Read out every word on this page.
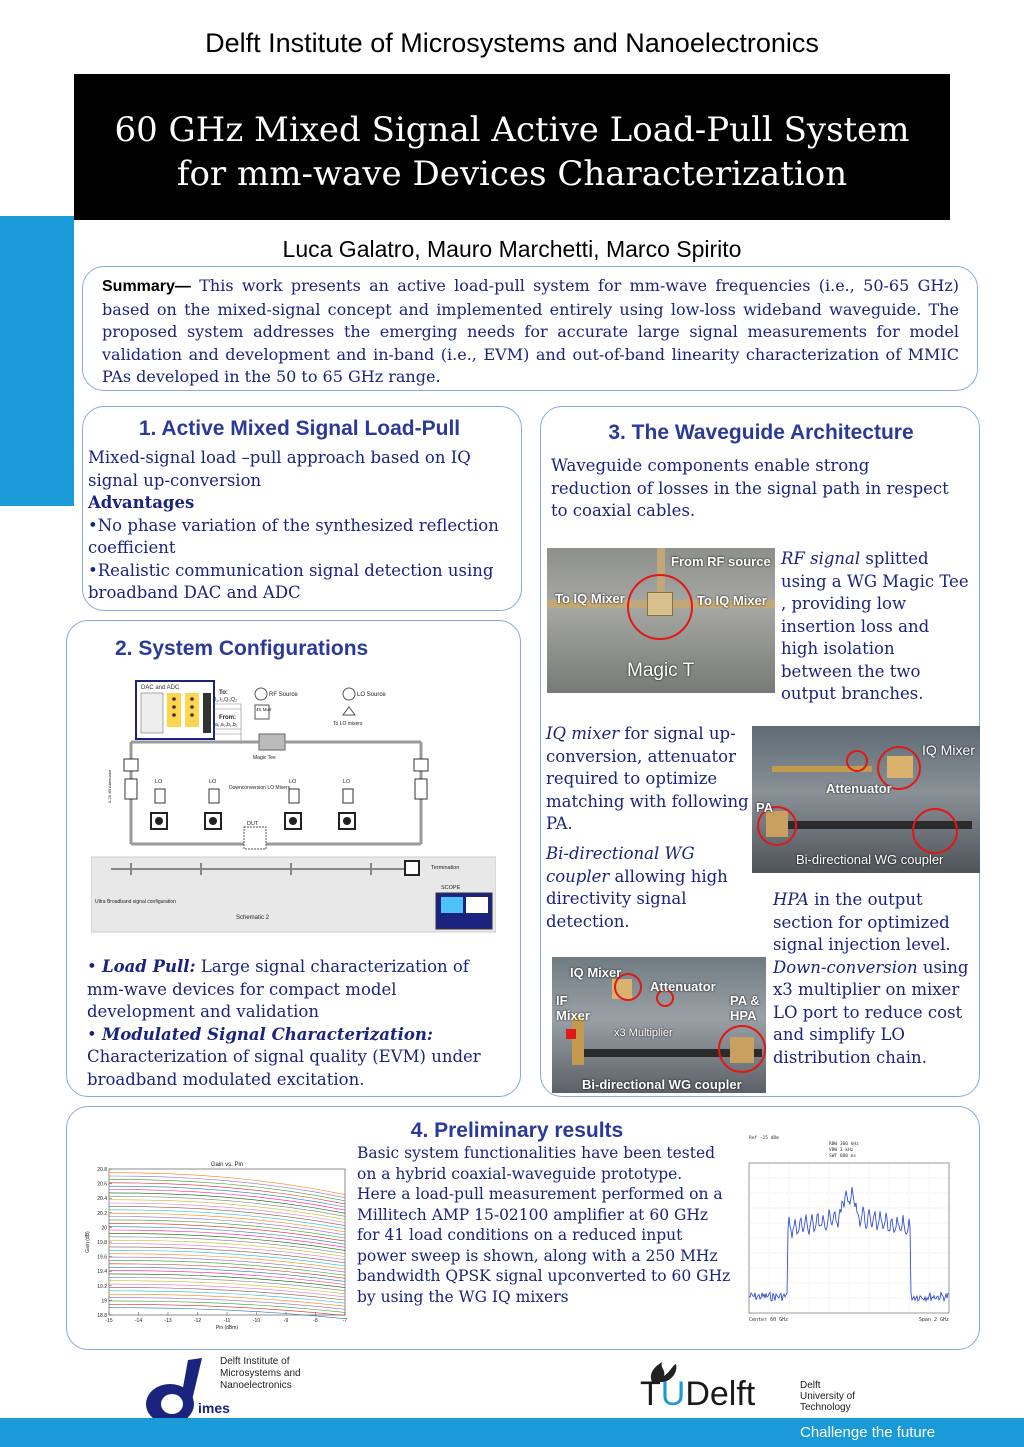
Delft Institute of Microsystems and Nanoelectronics
60 GHz Mixed Signal Active Load-Pull System
for mm-wave Devices Characterization
Luca Galatro, Mauro Marchetti, Marco Spirito
Summary— This work presents an active load-pull system for mm-wave frequencies (i.e., 50-65 GHz) based on the mixed-signal concept and implemented entirely using low-loss wideband waveguide. The proposed system addresses the emerging needs for accurate large signal measurements for model validation and development and in-band (i.e., EVM) and out-of-band linearity characterization of MMIC PAs developed in the 50 to 65 GHz range.
1. Active Mixed Signal Load-Pull
Mixed-signal load –pull approach based on IQ signal up-conversion
Advantages
•No phase variation of the synthesized reflection coefficient
•Realistic communication signal detection using broadband DAC and ADC
2. System Configurations
DAC and ADC
To:
I₁,I₂,Q₁,Q₂
From:
a₁,a₂,b₁,b₂
RF Source
4X Mult
LO Source
To LO mixers
Magic Tee
0-20 dB Attenuator	LO	LO	LO	LO
Downconversion LO Mixers
DUT
Termination
SCOPE
Ultra Broadband signal configuration
Schematic 2
• Load Pull: Large signal characterization of mm-wave devices for compact model development and validation
• Modulated Signal Characterization:
Characterization of signal quality (EVM) under broadband modulated excitation.
3. The Waveguide Architecture
Waveguide components enable strong reduction of losses in the signal path in respect to coaxial cables.
From RF source
To IQ Mixer	To IQ Mixer
Magic T
RF signal splitted using a WG Magic Tee , providing low insertion loss and high isolation between the two output branches.
IQ mixer for signal up-conversion, attenuator required to optimize matching with following PA.
IQ Mixer
Attenuator
PA
Bi-directional WG coupler
Bi-directional WG coupler allowing high directivity signal detection.
HPA in the output section for optimized signal injection level.
Down-conversion using x3 multiplier on mixer LO port to reduce cost and simplify LO distribution chain.
IQ Mixer
Attenuator
IF Mixer
PA & HPA
x3 Multiplier
Bi-directional WG coupler
4. Preliminary results
Gain vs. Pin
18.8
19
19.2
19.4
19.6
19.8
20
20.2
20.4
20.6
20.8
-15	-14	-13	-12	-11	-10	-9	-8	-7
Pin (dBm)
Gain (dB)
Basic system functionalities have been tested on a hybrid coaxial-waveguide prototype.
Here a load-pull measurement performed on a Millitech AMP 15-02100 amplifier at 60 GHz for 41 load conditions on a reduced input power sweep is shown, along with a 250 MHz bandwidth QPSK signal upconverted to 60 GHz by using the WG IQ mixers
Ref -15 dBm
RBW 300 kHz
VBW 3 kHz
SWT 680 ms
Center 60 GHz	Span 2 GHz
imes
Delft Institute of
Microsystems and
Nanoelectronics	TUDelft	Delft
University of
Technology
Challenge the future
